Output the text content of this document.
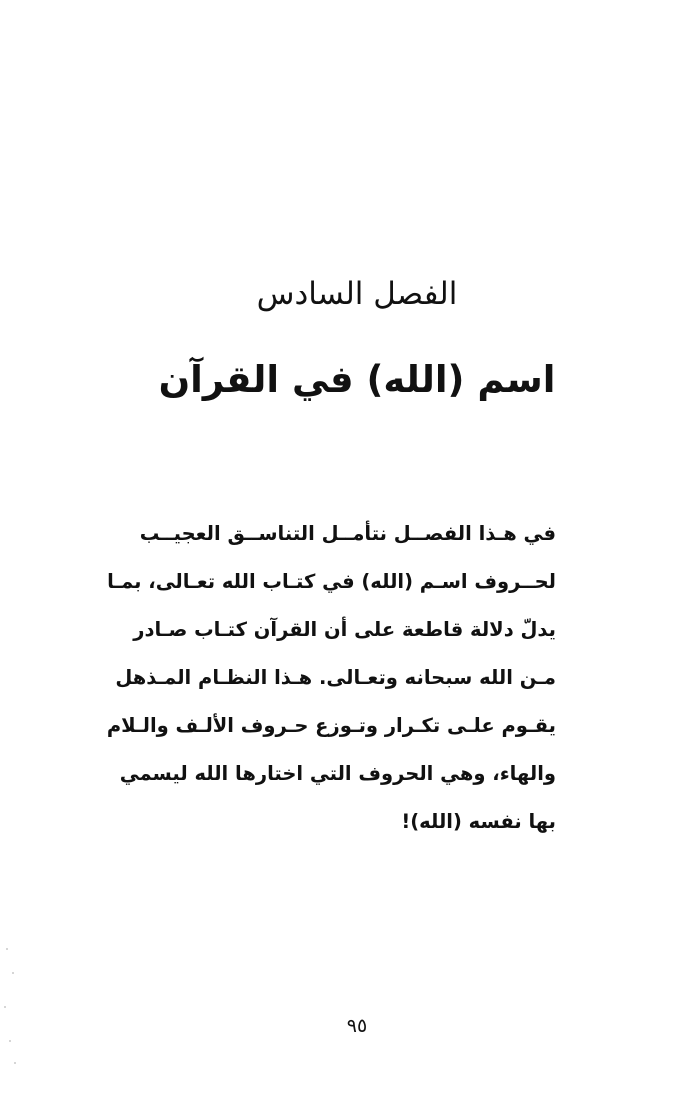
الفصل السادس
اسم (الله) في القرآن
في هـذا الفصــل نتأمــل التناســق العجيــب
لحــروف اسـم (الله) في كتـاب الله تعـالى، بمـا
يدلّ دلالة قاطعة على أن القرآن كتـاب صـادر
مـن الله سبحانه وتعـالى. هـذا النظـام المـذهل
يقـوم علـى تكـرار وتـوزع حـروف الألـف والـلام
والهاء، وهي الحروف التي اختارها الله ليسمي
بها نفسه (الله)!
٩٥
